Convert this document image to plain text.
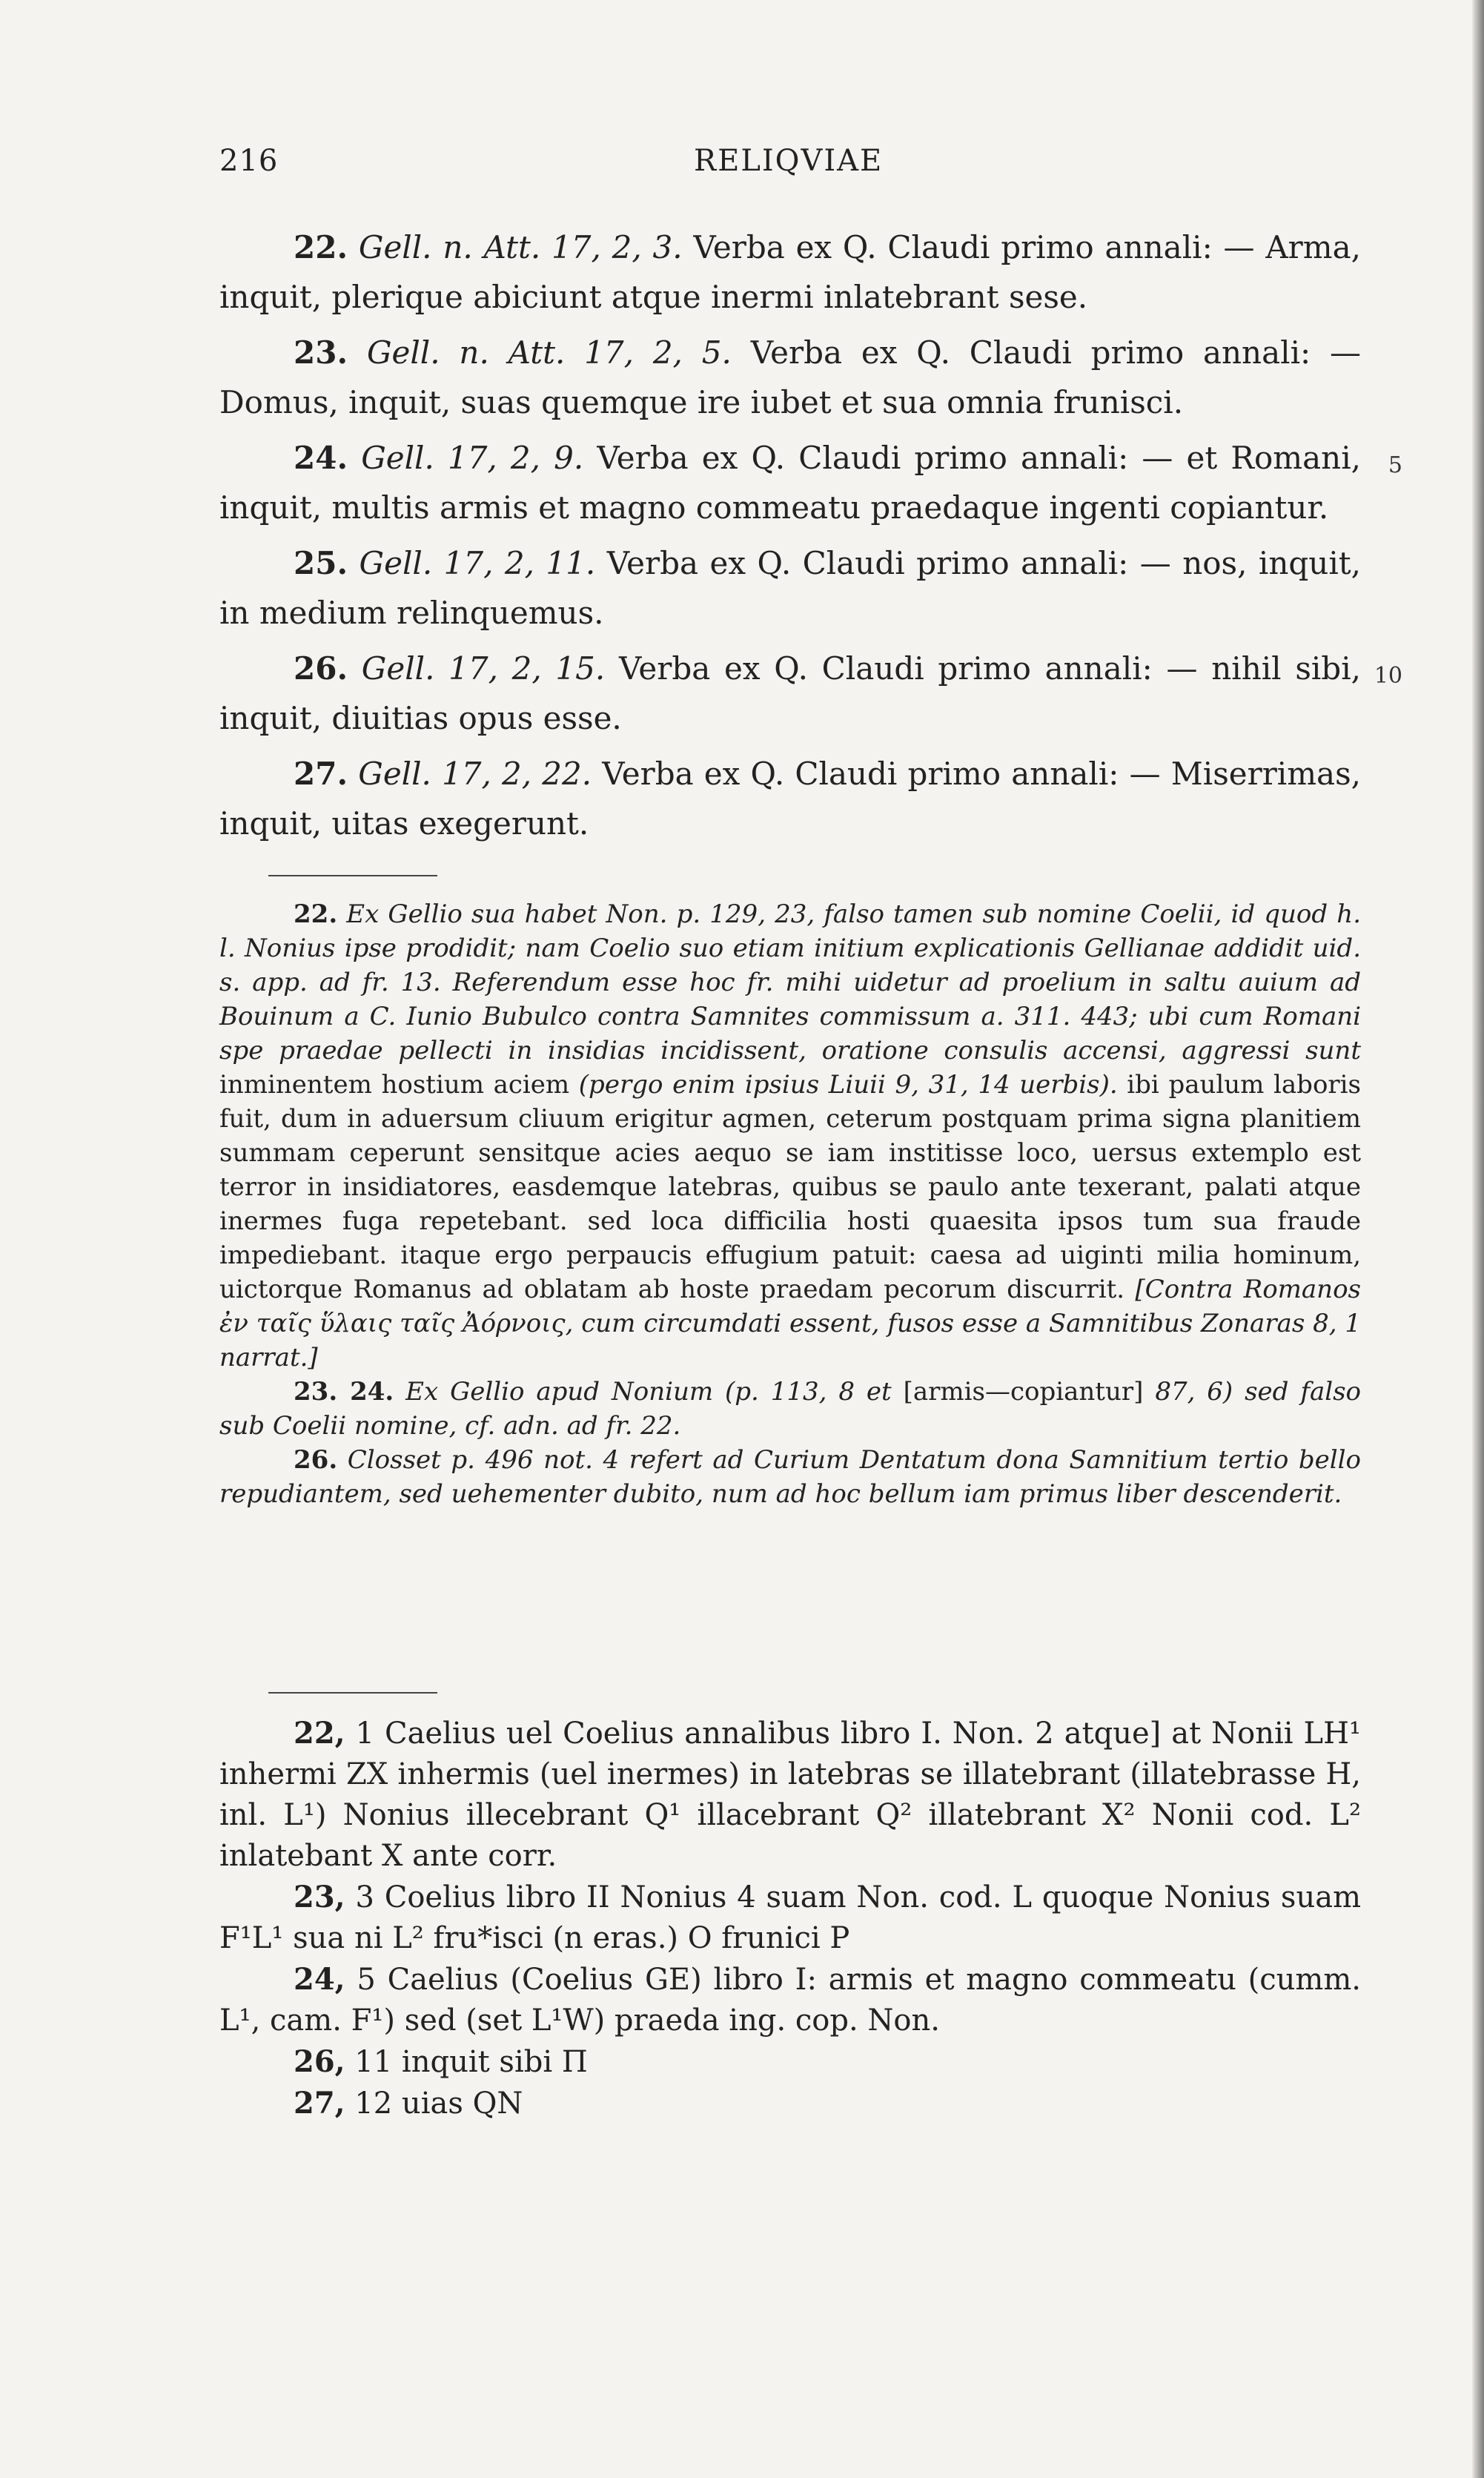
216	RELIQVIAE

22. Gell. n. Att. 17, 2, 3. Verba ex Q. Claudi primo annali: — Arma, inquit, plerique abiciunt atque inermi inlatebrant sese.

23. Gell. n. Att. 17, 2, 5. Verba ex Q. Claudi primo annali: — Domus, inquit, suas quemque ire iubet et sua omnia frunisci.

5
24. Gell. 17, 2, 9. Verba ex Q. Claudi primo annali: — et Romani, inquit, multis armis et magno commeatu praedaque ingenti copiantur.

25. Gell. 17, 2, 11. Verba ex Q. Claudi primo annali: — nos, inquit, in medium relinquemus.

10
26. Gell. 17, 2, 15. Verba ex Q. Claudi primo annali: — nihil sibi, inquit, diuitias opus esse.

27. Gell. 17, 2, 22. Verba ex Q. Claudi primo annali: — Miserrimas, inquit, uitas exegerunt.

22. Ex Gellio sua habet Non. p. 129, 23, falso tamen sub nomine Coelii, id quod h. l. Nonius ipse prodidit; nam Coelio suo etiam initium explicationis Gellianae addidit uid. s. app. ad fr. 13. Referendum esse hoc fr. mihi uidetur ad proelium in saltu auium ad Bouinum a C. Iunio Bubulco contra Samnites commissum a. 311. 443; ubi cum Romani spe praedae pellecti in insidias incidissent, oratione consulis accensi, aggressi sunt inminentem hostium aciem (pergo enim ipsius Liuii 9, 31, 14 uerbis). ibi paulum laboris fuit, dum in aduersum cliuum erigitur agmen, ceterum postquam prima signa planitiem summam ceperunt sensitque acies aequo se iam institisse loco, uersus extemplo est terror in insidiatores, easdemque latebras, quibus se paulo ante texerant, palati atque inermes fuga repetebant. sed loca difficilia hosti quaesita ipsos tum sua fraude impediebant. itaque ergo perpaucis effugium patuit: caesa ad uiginti milia hominum, uictorque Romanus ad oblatam ab hoste praedam pecorum discurrit. [Contra Romanos ἐν ταῖς ὕλαις ταῖς Ἀόρνοις, cum circumdati essent, fusos esse a Samnitibus Zonaras 8, 1 narrat.]

23. 24. Ex Gellio apud Nonium (p. 113, 8 et [armis—copiantur] 87, 6) sed falso sub Coelii nomine, cf. adn. ad fr. 22.

26. Closset p. 496 not. 4 refert ad Curium Dentatum dona Samnitium tertio bello repudiantem, sed uehementer dubito, num ad hoc bellum iam primus liber descenderit.

22, 1 Caelius uel Coelius annalibus libro I. Non. 2 atque] at Nonii LH¹ inhermi ZX inhermis (uel inermes) in latebras se illatebrant (illatebrasse H, inl. L¹) Nonius illecebrant Q¹ illacebrant Q² illatebrant X² Nonii cod. L² inlatebant X ante corr.

23, 3 Coelius libro II Nonius 4 suam Non. cod. L quoque Nonius suam F¹L¹ sua ni L² fru*isci (n eras.) O frunici P

24, 5 Caelius (Coelius GE) libro I: armis et magno commeatu (cumm. L¹, cam. F¹) sed (set L¹W) praeda ing. cop. Non.

26, 11 inquit sibi Π

27, 12 uias QN
